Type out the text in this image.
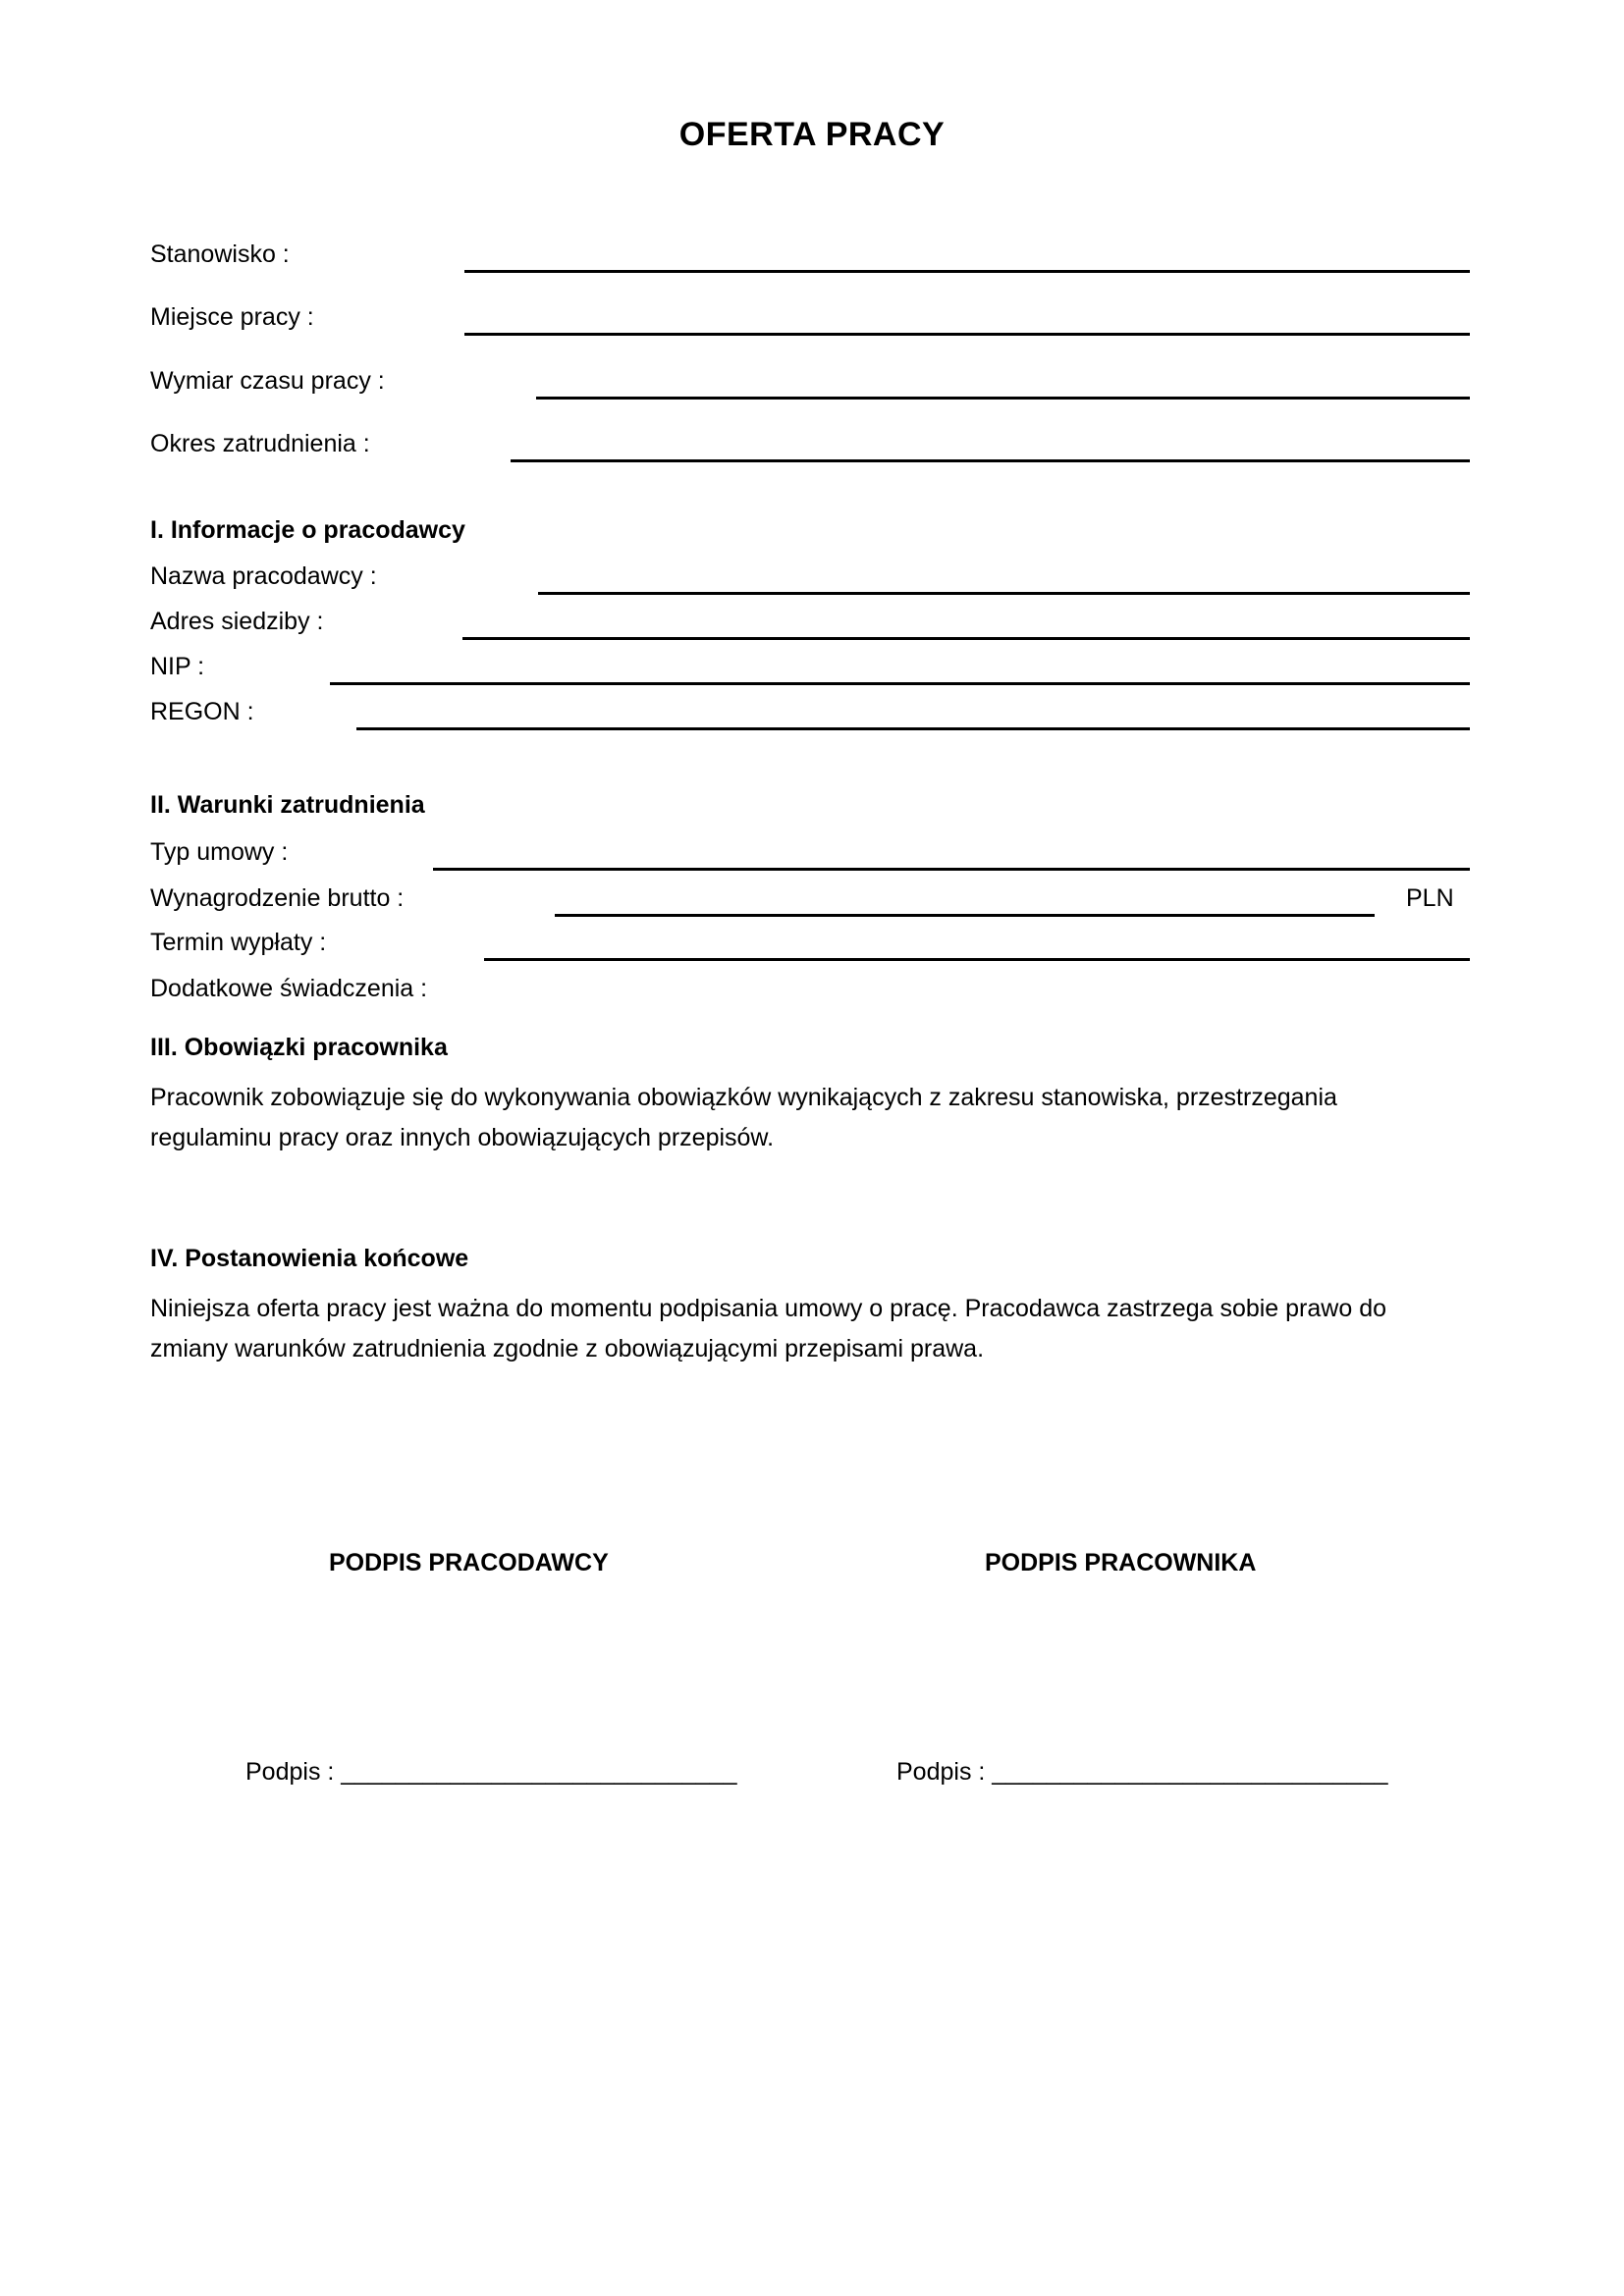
OFERTA PRACY
Stanowisko :
Miejsce pracy :
Wymiar czasu pracy :
Okres zatrudnienia :
I. Informacje o pracodawcy
Nazwa pracodawcy :
Adres siedziby :
NIP :
REGON :
II. Warunki zatrudnienia
Typ umowy :
Wynagrodzenie brutto :	PLN
Termin wypłaty :
Dodatkowe świadczenia :
III. Obowiązki pracownika
Pracownik zobowiązuje się do wykonywania obowiązków wynikających z zakresu stanowiska, przestrzegania regulaminu pracy oraz innych obowiązujących przepisów.
IV. Postanowienia końcowe
Niniejsza oferta pracy jest ważna do momentu podpisania umowy o pracę. Pracodawca zastrzega sobie prawo do zmiany warunków zatrudnienia zgodnie z obowiązującymi przepisami prawa.
PODPIS PRACODAWCY	PODPIS PRACOWNIKA
Podpis : _____________________________	Podpis : _____________________________
